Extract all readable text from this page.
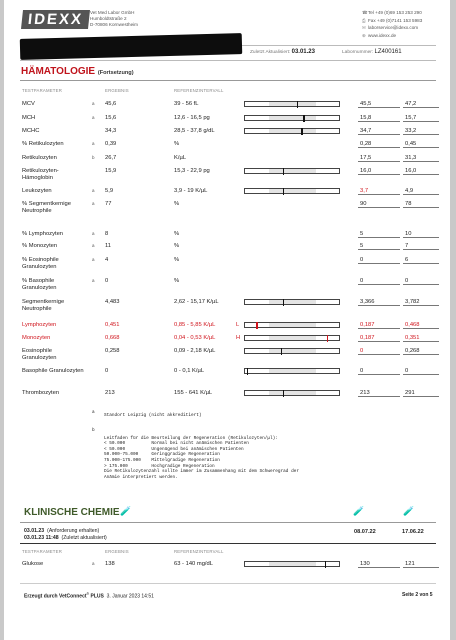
IDEXX	Vet Med Labor GmbH
Humboldtstraße 2
D-70806 Kornwestheim
☎Tel +49 (0)69 153 253 290
⎙ Fax +49 (0)7141 153 5983
✉ laborservice@idexx.com
⊕ www.idexx.de
Zuletzt Aktualisiert: 03.01.23	Labornummer: LZ400161
HÄMATOLOGIE (Fortsetzung)
TESTPARAMETER	ERGEBNIS	REFERENZINTERVALL
MCV	a 45,6	39 - 56 fL	45,5	47,2
MCH	a 15,6	12,6 - 16,5 pg	15,8	15,7
MCHC	34,3	28,5 - 37,8 g/dL	34,7	33,2
% Retikulozyten	a 0,39	%	0,28	0,45
Retikulozyten	b 26,7	K/µL	17,5	31,3
Retikulozyten-Hämoglobin
15,9	15,3 - 22,9 pg	16,0	16,0
Leukozyten	a 5,9	3,9 - 19 K/µL	3,7	4,9
% Segmentkernige Neutrophile
a 77	%	90	78
% Lymphozyten	a 8	%	5	10
% Monozyten	a 11	%	5	7
% Eosinophile Granulozyten
a 4	%	0	6
% Basophile Granulozyten
a 0	%	0	0
Segmentkernige Neutrophile
4,483	2,62 - 15,17 K/µL	3,366	3,782
Lymphozyten	0,451	0,85 - 5,85 K/µL	L	0,187	0,468
Monozyten	0,668	0,04 - 0,53 K/µL	H	0,187	0,351
Eosinophile Granulozyten
0,258	0,09 - 2,18 K/µL	0	0,268
Basophile Granulozyten	0	0 - 0,1 K/µL	0	0
Thrombozyten	213	155 - 641 K/µL	213	291
a
Standort Leipzig (nicht akkreditiert)
b

Leitfaden für die Beurteilung der Regeneration (Retikulozyten/µl):
< 50.000          Normal bei nicht anämischen Patienten
< 50.000          Ungenügend bei anämischen Patienten
50.000-75.000     Geringgradige Regeneration
75.000-175.000    Mittelgradige Regeneration
> 175.000         Hochgradige Regeneration
Die Retikulozytenzahl sollte immer im Zusammenhang mit dem Schweregrad der
Anämie interpretiert werden.
KLINISCHE CHEMIE 🧪	🧪	🧪
03.01.23 (Anforderung erhalten)
03.01.23 11:48 (Zuletzt aktualisiert)
08.07.22	17.06.22
TESTPARAMETER	ERGEBNIS	REFERENZINTERVALL
Glukose	a 138	63 - 140 mg/dL	130	121
Erzeugt durch VetConnect® PLUS 3. Januar 2023 14:51	Seite 2 von 5
